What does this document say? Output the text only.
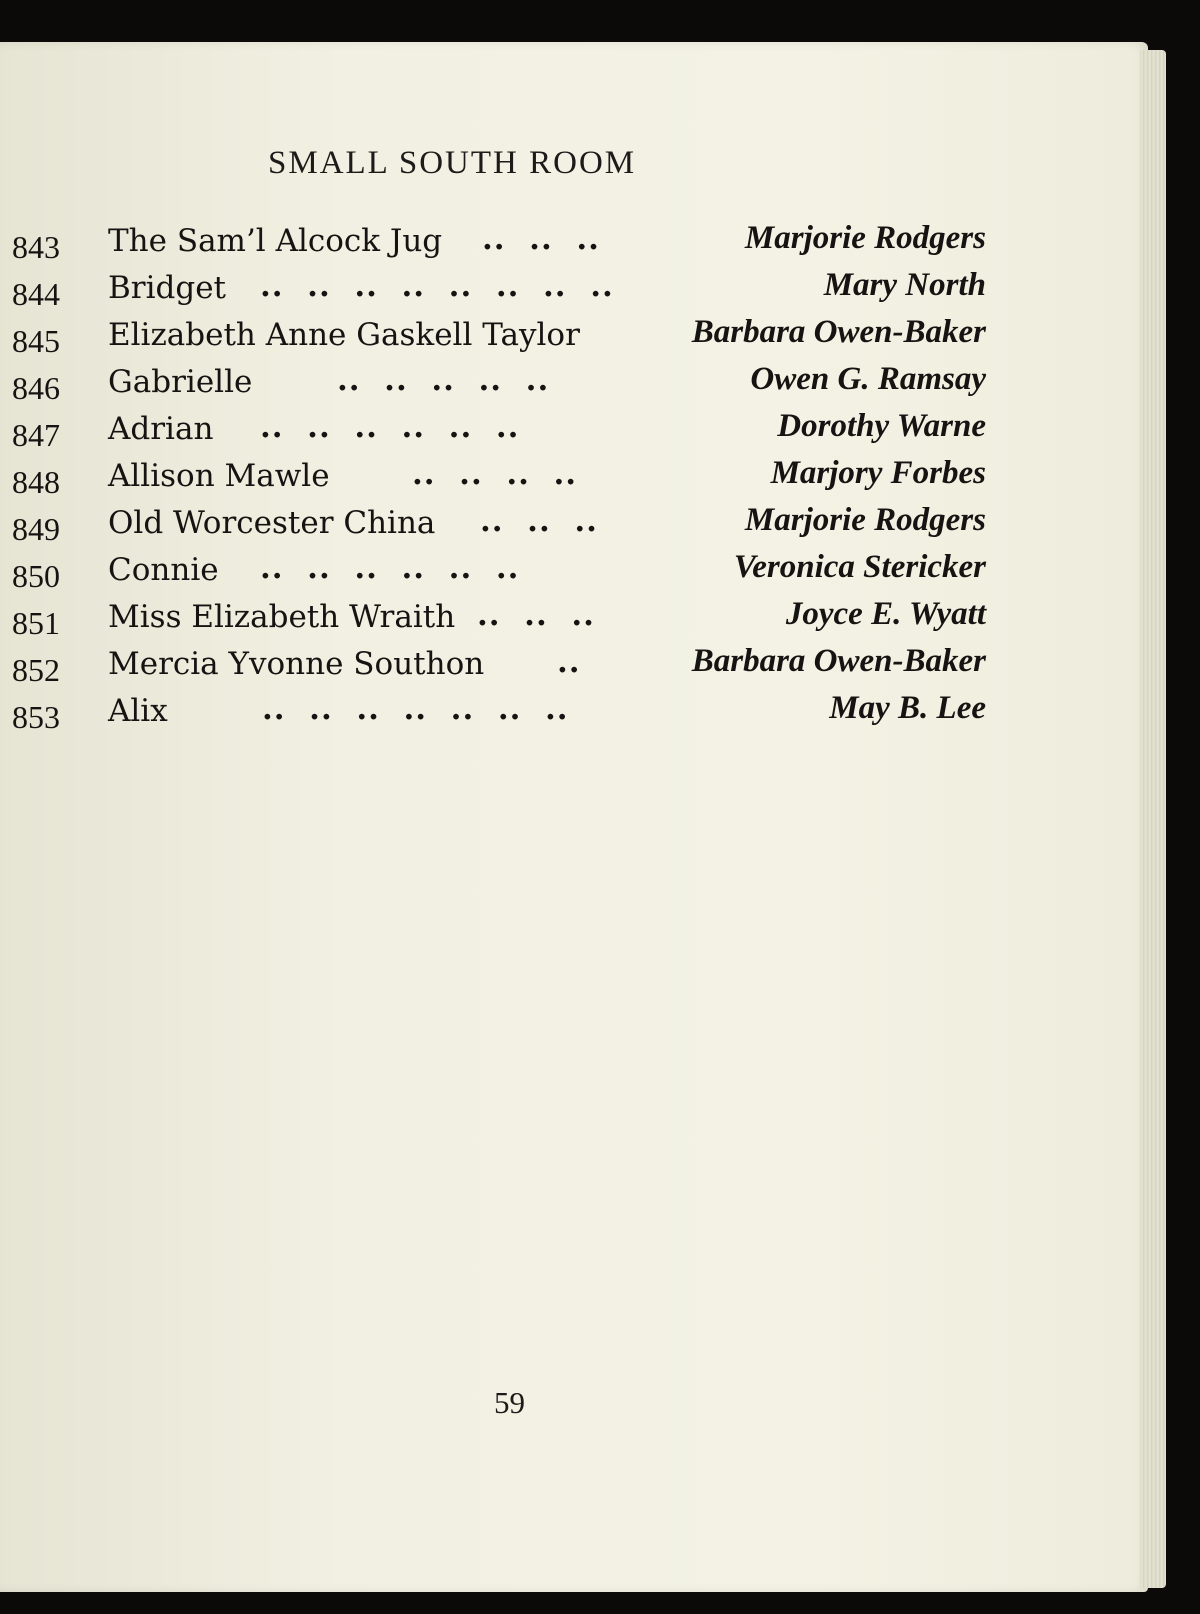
SMALL SOUTH ROOM
843 The Sam’l Alcock Jug ..  ..  ..	Marjorie Rodgers
844 Bridget ..  ..  ..  ..  ..  ..  ..  ..	Mary North
845 Elizabeth Anne Gaskell Taylor	Barbara Owen-Baker
846 Gabrielle	..  ..  ..  ..  ..	Owen G. Ramsay
847 Adrian ..  ..  ..  ..  ..  ..	Dorothy Warne
848 Allison Mawle	..  ..  ..  ..	Marjory Forbes
849 Old Worcester China ..  ..  ..	Marjorie Rodgers
850 Connie ..  ..  ..  ..  ..  ..	Veronica Stericker
851 Miss Elizabeth Wraith ..  ..  ..	Joyce E. Wyatt
852 Mercia Yvonne Southon ..	Barbara Owen-Baker
853 Alix	..  ..  ..  ..  ..  ..  ..	May B. Lee
59
